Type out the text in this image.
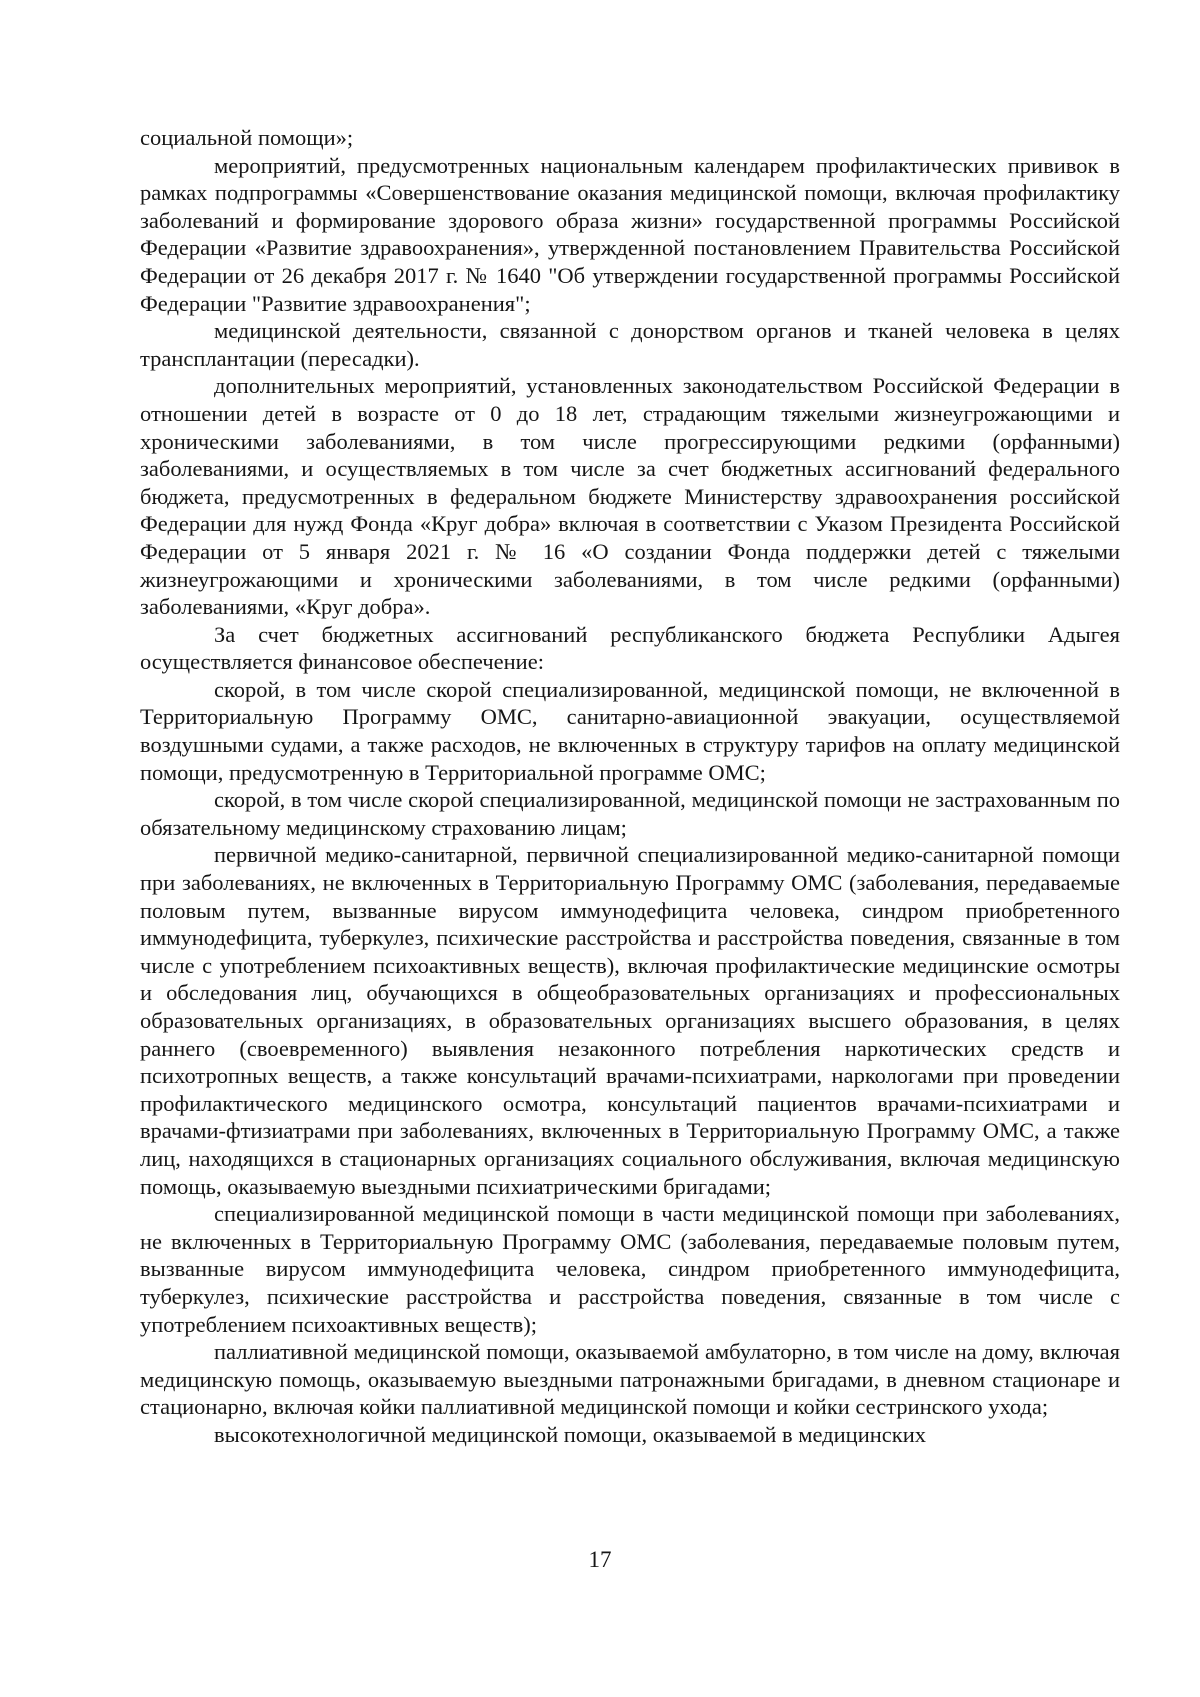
социальной помощи»;

мероприятий, предусмотренных национальным календарем профилактических прививок в рамках подпрограммы «Совершенствование оказания медицинской помощи, включая профилактику заболеваний и формирование здорового образа жизни» государственной программы Российской Федерации «Развитие здравоохранения», утвержденной постановлением Правительства Российской Федерации от 26 декабря 2017 г. № 1640 "Об утверждении государственной программы Российской Федерации "Развитие здравоохранения";

медицинской деятельности, связанной с донорством органов и тканей человека в целях трансплантации (пересадки).

дополнительных мероприятий, установленных законодательством Российской Федерации в отношении детей в возрасте от 0 до 18 лет, страдающим тяжелыми жизнеугрожающими и хроническими заболеваниями, в том числе прогрессирующими редкими (орфанными) заболеваниями, и осуществляемых в том числе за счет бюджетных ассигнований федерального бюджета, предусмотренных в федеральном бюджете Министерству здравоохранения российской Федерации для нужд Фонда «Круг добра» включая в соответствии с Указом Президента Российской Федерации от 5 января 2021 г. № 16 «О создании Фонда поддержки детей с тяжелыми жизнеугрожающими и хроническими заболеваниями, в том числе редкими (орфанными) заболеваниями, «Круг добра».

За счет бюджетных ассигнований республиканского бюджета Республики Адыгея осуществляется финансовое обеспечение:

скорой, в том числе скорой специализированной, медицинской помощи, не включенной в Территориальную Программу ОМС, санитарно-авиационной эвакуации, осуществляемой воздушными судами, а также расходов, не включенных в структуру тарифов на оплату медицинской помощи, предусмотренную в Территориальной программе ОМС;

скорой, в том числе скорой специализированной, медицинской помощи не застрахованным по обязательному медицинскому страхованию лицам;

первичной медико-санитарной, первичной специализированной медико-санитарной помощи при заболеваниях, не включенных в Территориальную Программу ОМС (заболевания, передаваемые половым путем, вызванные вирусом иммунодефицита человека, синдром приобретенного иммунодефицита, туберкулез, психические расстройства и расстройства поведения, связанные в том числе с употреблением психоактивных веществ), включая профилактические медицинские осмотры и обследования лиц, обучающихся в общеобразовательных организациях и профессиональных образовательных организациях, в образовательных организациях высшего образования, в целях раннего (своевременного) выявления незаконного потребления наркотических средств и психотропных веществ, а также консультаций врачами-психиатрами, наркологами при проведении профилактического медицинского осмотра, консультаций пациентов врачами-психиатрами и врачами-фтизиатрами при заболеваниях, включенных в Территориальную Программу ОМС, а также лиц, находящихся в стационарных организациях социального обслуживания, включая медицинскую помощь, оказываемую выездными психиатрическими бригадами;

специализированной медицинской помощи в части медицинской помощи при заболеваниях, не включенных в Территориальную Программу ОМС (заболевания, передаваемые половым путем, вызванные вирусом иммунодефицита человека, синдром приобретенного иммунодефицита, туберкулез, психические расстройства и расстройства поведения, связанные в том числе с употреблением психоактивных веществ);

паллиативной медицинской помощи, оказываемой амбулаторно, в том числе на дому, включая медицинскую помощь, оказываемую выездными патронажными бригадами, в дневном стационаре и стационарно, включая койки паллиативной медицинской помощи и койки сестринского ухода;

высокотехнологичной медицинской помощи, оказываемой в медицинских

17
